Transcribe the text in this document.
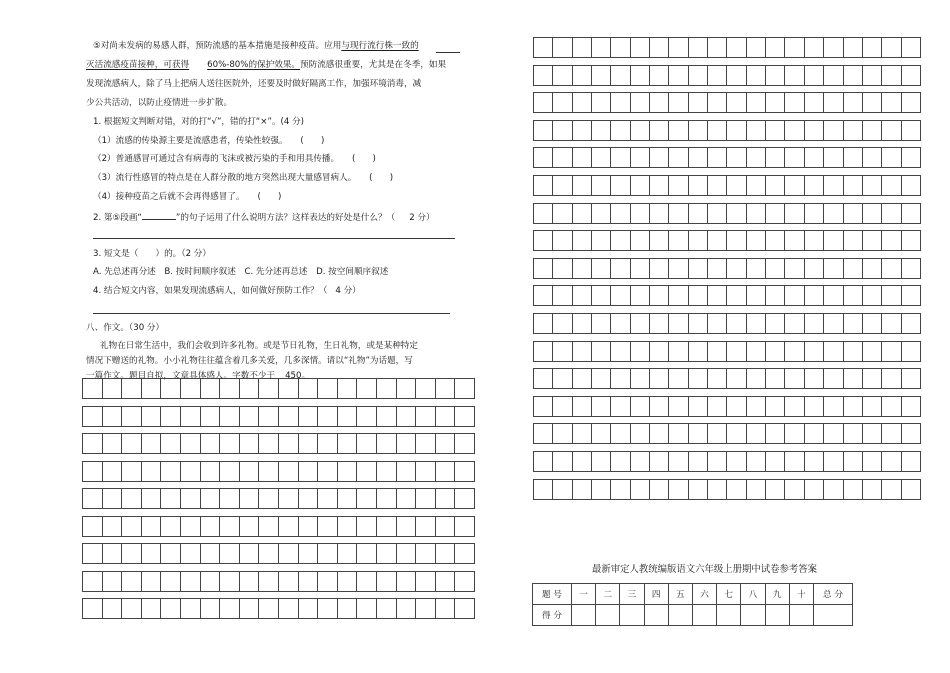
⑤对尚未发病的易感人群，预防流感的基本措施是接种疫苗。应用与现行流行株一致的
灭活流感疫苗接种，可获得 60%-80%的保护效果。预防流感很重要，尤其是在冬季，如果
发现流感病人，除了马上把病人送往医院外，还要及时做好隔离工作，加强环境消毒，减
少公共活动，以防止疫情进一步扩散。
1. 根据短文判断对错，对的打“√”，错的打“×”。(4 分)
（1）流感的传染源主要是流感患者，传染性较强。　　(　　)
（2）普通感冒可通过含有病毒的飞沫或被污染的手和用具传播。　　(　　)
（3）流行性感冒的特点是在人群分散的地方突然出现大量感冒病人。　　(　　)
（4）接种疫苗之后就不会再得感冒了。　　(　　)
2. 第⑤段画“	”的句子运用了什么说明方法？这样表达的好处是什么？（ 2 分）
3. 短文是（　　）的。（2 分）
A. 先总述再分述　B. 按时间顺序叙述　C. 先分述再总述　D. 按空间顺序叙述
4. 结合短文内容，如果发现流感病人，如何做好预防工作？（ 4 分）
八、作文。（30 分）
礼物在日常生活中，我们会收到许多礼物。或是节日礼物，生日礼物，或是某种特定
情况下赠送的礼物。小小礼物往往蕴含着几多关爱，几多深情。请以“礼物”为话题，写
一篇作文。题目自拟，文章具体感人。字数不少于 450。
最新审定人教统编版语文六年级上册期中试卷参考答案
题 号	一	二	三	四	五	六	七	八	九	十	总 分
得 分											
